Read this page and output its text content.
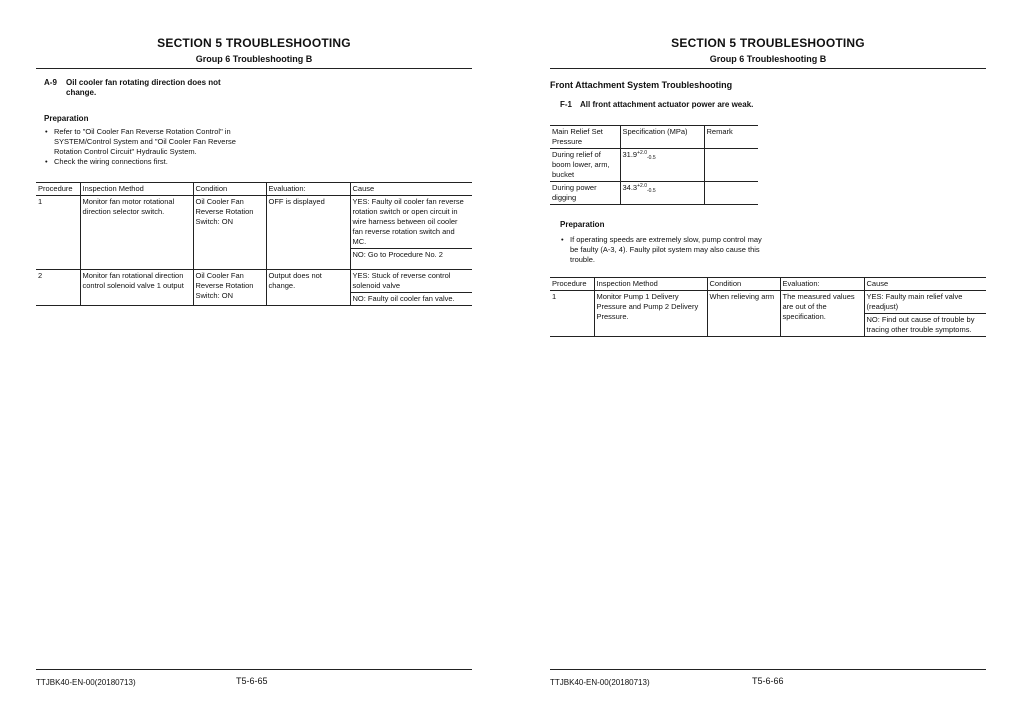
SECTION 5 TROUBLESHOOTING
Group 6 Troubleshooting B
A-9 Oil cooler fan rotating direction does not
change.
Preparation
• Refer to "Oil Cooler Fan Reverse Rotation Control" in SYSTEM/Control System and "Oil Cooler Fan Reverse Rotation Control Circuit" Hydraulic System.
• Check the wiring connections first.
Procedure	Inspection Method	Condition	Evaluation:	Cause
1	Monitor fan motor rotational direction selector switch.	Oil Cooler Fan Reverse Rotation Switch: ON	OFF is displayed	YES: Faulty oil cooler fan reverse rotation switch or open circuit in wire harness between oil cooler fan reverse rotation switch and MC.
NO: Go to Procedure No. 2

2	Monitor fan rotational direction control solenoid valve 1 output	Oil Cooler Fan Reverse Rotation Switch: ON	Output does not change.	YES: Stuck of reverse control solenoid valve
NO: Faulty oil cooler fan valve.
TTJBK40-EN-00(20180713)	T5-6-65
SECTION 5 TROUBLESHOOTING
Group 6 Troubleshooting B
Front Attachment System Troubleshooting
F-1 All front attachment actuator power are weak.
Main Relief Set Pressure	Specification (MPa)	Remark
During relief of boom lower, arm, bucket	$31.9^{+2.0}_{-0.5}$	
During power digging	$34.3^{+2.0}_{-0.5}$	
Preparation
• If operating speeds are extremely slow, pump control may be faulty (A-3, 4). Faulty pilot system may also cause this trouble.
Procedure	Inspection Method	Condition	Evaluation:	Cause
1	Monitor Pump 1 Delivery Pressure and Pump 2 Delivery Pressure.	When relieving arm	The measured values are out of the specification.	YES: Faulty main relief valve (readjust)
NO: Find out cause of trouble by tracing other trouble symptoms.
TTJBK40-EN-00(20180713)	T5-6-66
